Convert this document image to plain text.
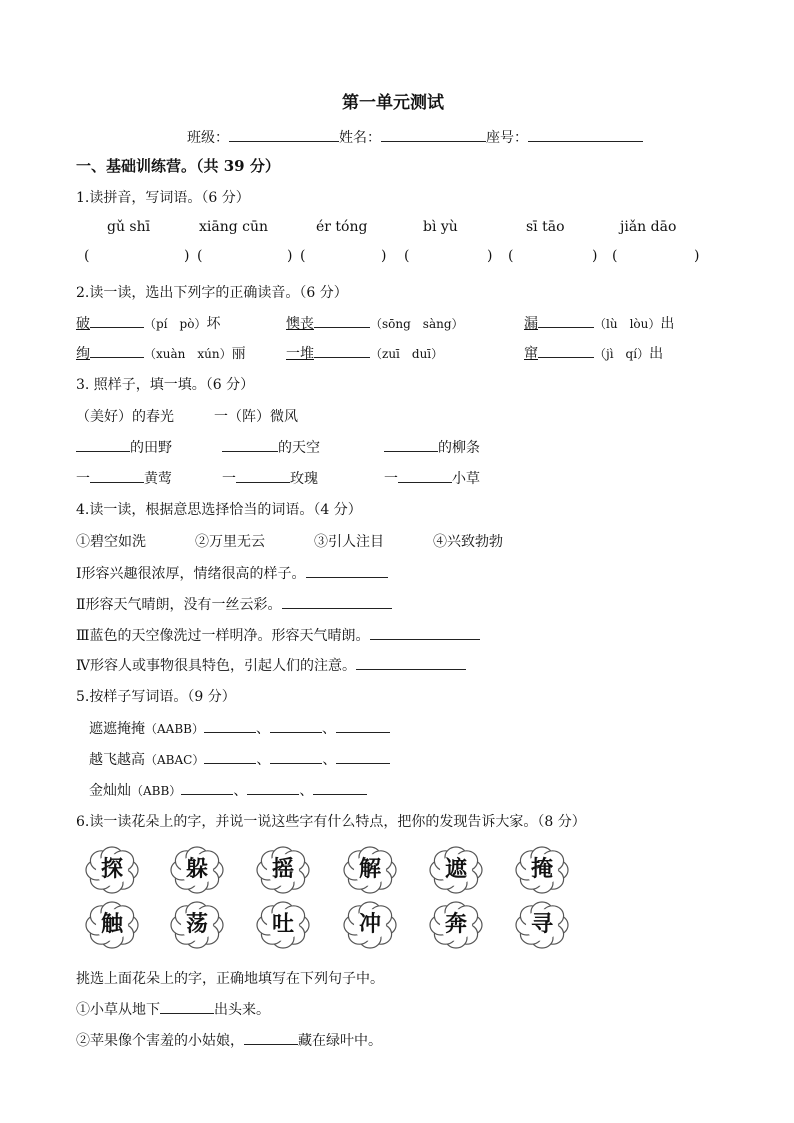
第一单元测试
班级：	姓名：	座号：
一、基础训练营。（共 39 分）
1.读拼音，写词语。（6 分）
gǔ shī	xiāng cūn	ér tóng	bì yù	sī tāo	jiǎn dāo
(	) (	) (	) (	) (	) (	)
2.读一读，选出下列字的正确读音。（6 分）
破	（pí　pò）坏	懊丧	（sōng　sàng）	漏	（lù　lòu）出
绚	（xuàn　xún）丽	一堆	（zuī　duī）	窜	（jì　qí）出
3. 照样子，填一填。（6 分）
（美好）的春光	一（阵）微风
的田野	的天空	的柳条
一	黄莺	一	玫瑰	一	小草
4.读一读，根据意思选择恰当的词语。（4 分）
①碧空如洗	②万里无云	③引人注目	④兴致勃勃
Ⅰ形容兴趣很浓厚，情绪很高的样子。
Ⅱ形容天气晴朗，没有一丝云彩。
Ⅲ蓝色的天空像洗过一样明净。形容天气晴朗。
Ⅳ形容人或事物很具特色，引起人们的注意。
5.按样子写词语。（9 分）
遮遮掩掩（AABB）	、	、
越飞越高（ABAC）	、	、
金灿灿（ABB）	、	、
6.读一读花朵上的字，并说一说这些字有什么特点，把你的发现告诉大家。（8 分）
探	躲	摇	解	遮	掩
触	荡	吐	冲	奔	寻
挑选上面花朵上的字，正确地填写在下列句子中。
①小草从地下	出头来。
②苹果像个害羞的小姑娘，	藏在绿叶中。
